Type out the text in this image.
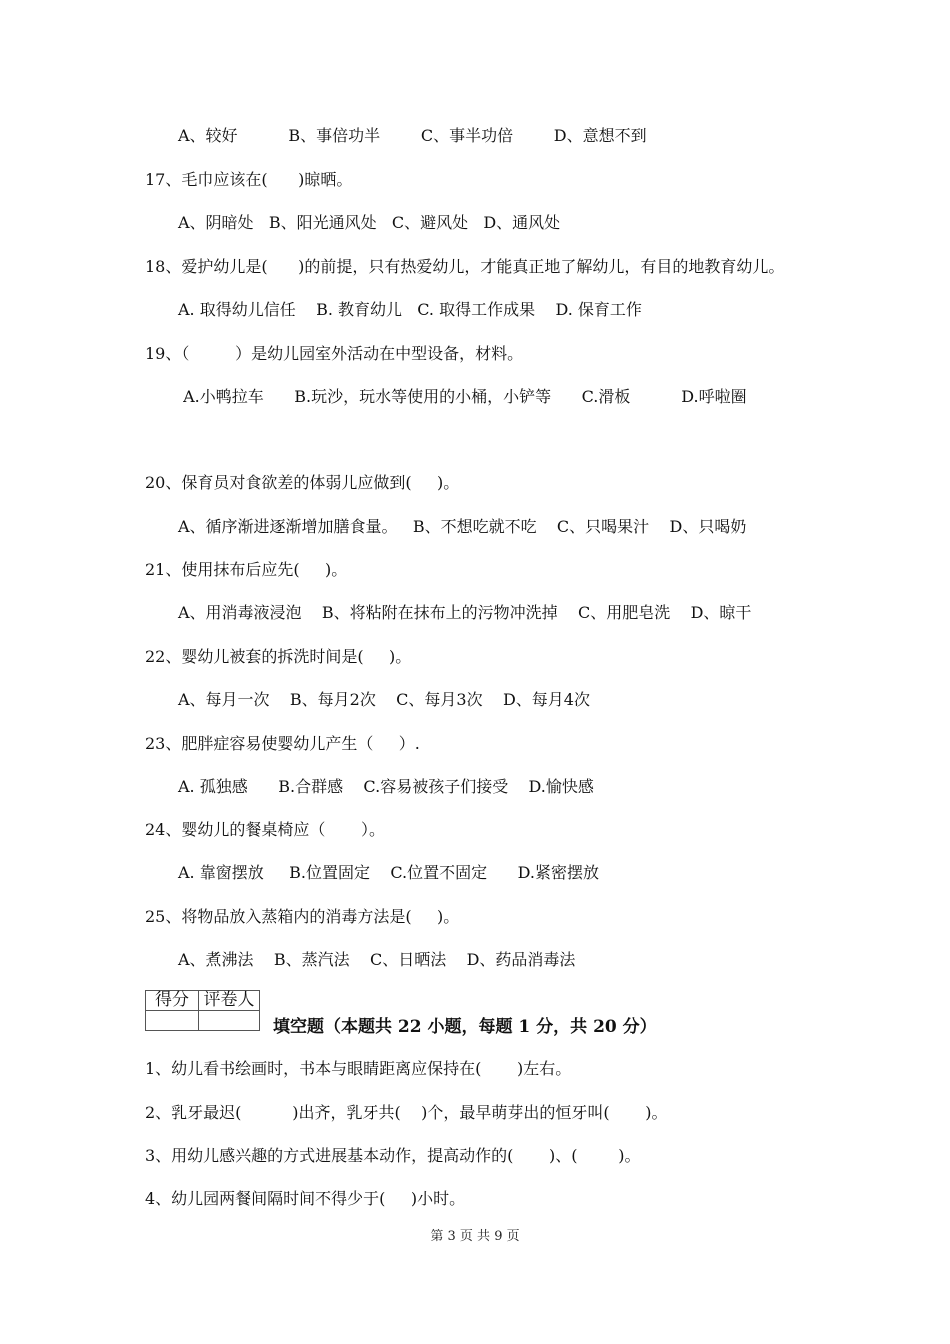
A、较好          B、事倍功半        C、事半功倍        D、意想不到
17、毛巾应该在(      )晾晒。
A、阴暗处   B、阳光通风处   C、避风处   D、通风处
18、爱护幼儿是(      )的前提，只有热爱幼儿，才能真正地了解幼儿，有目的地教育幼儿。
A. 取得幼儿信任    B. 教育幼儿   C. 取得工作成果    D. 保育工作
19、（         ）是幼儿园室外活动在中型设备，材料。
A.小鸭拉车      B.玩沙，玩水等使用的小桶，小铲等      C.滑板          D.呼啦圈
20、保育员对食欲差的体弱儿应做到(     )。
A、循序渐进逐渐增加膳食量。   B、不想吃就不吃    C、只喝果汁    D、只喝奶
21、使用抹布后应先(     )。
A、用消毒液浸泡    B、将粘附在抹布上的污物冲洗掉    C、用肥皂洗    D、晾干
22、婴幼儿被套的拆洗时间是(     )。
A、每月一次    B、每月2次    C、每月3次    D、每月4次
23、肥胖症容易使婴幼儿产生（     ）.
A. 孤独感      B.合群感    C.容易被孩子们接受    D.愉快感
24、婴幼儿的餐桌椅应（       ）。
A. 靠窗摆放     B.位置固定    C.位置不固定      D.紧密摆放
25、将物品放入蒸箱内的消毒方法是(     )。
A、煮沸法    B、蒸汽法    C、日晒法    D、药品消毒法
得分	评卷人

填空题（本题共 22 小题，每题 1 分，共 20 分）
1、幼儿看书绘画时，书本与眼睛距离应保持在(       )左右。
2、乳牙最迟(          )出齐，乳牙共(    )个，最早萌芽出的恒牙叫(       )。
3、用幼儿感兴趣的方式进展基本动作，提高动作的(       )、(        )。
4、幼儿园两餐间隔时间不得少于(     )小时。
第 3 页 共 9 页
